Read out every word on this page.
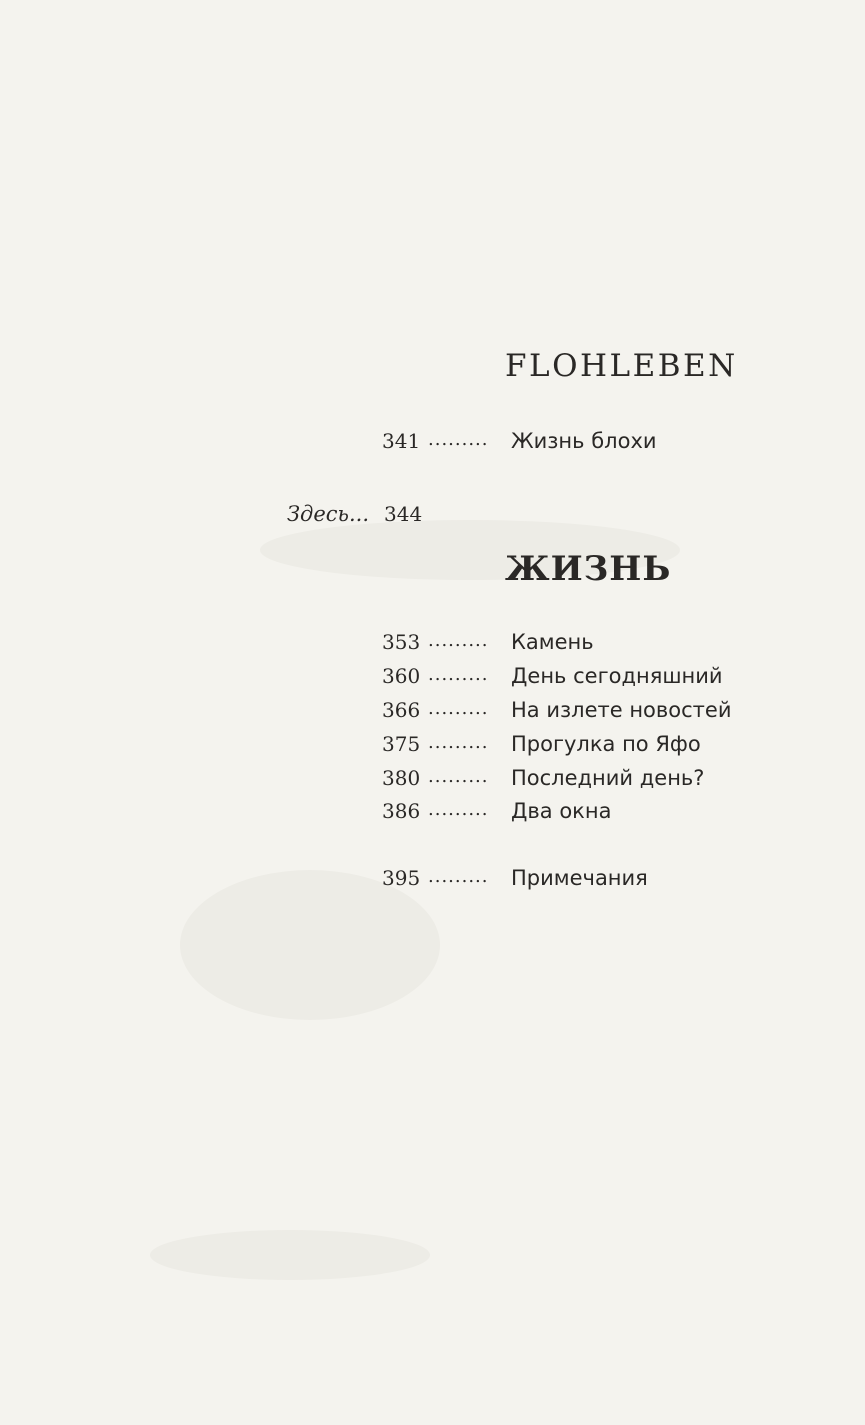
FLOHLEBEN
341 ......... Жизнь блохи
Здесь... 344
ЖИЗНЬ
353 ......... Камень
360 ......... День сегодняшний
366 ......... На излете новостей
375 ......... Прогулка по Яфо
380 ......... Последний день?
386 ......... Два окна
395 ......... Примечания
